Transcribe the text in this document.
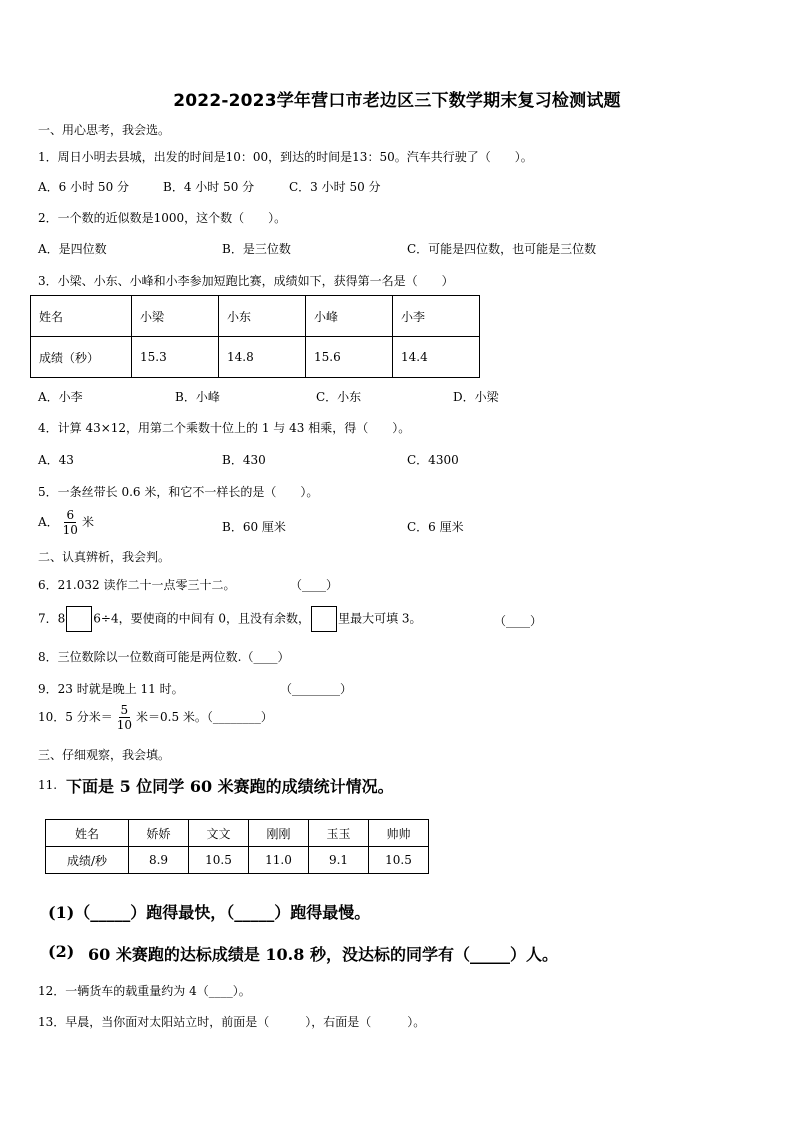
2022-2023学年营口市老边区三下数学期末复习检测试题
一、用心思考，我会选。
1．周日小明去县城，出发的时间是10：00，到达的时间是13：50。汽车共行驶了（　　）。
A．6 小时 50 分	B．4 小时 50 分	C．3 小时 50 分
2．一个数的近似数是1000，这个数（　　）。
A．是四位数	B．是三位数	C．可能是四位数，也可能是三位数
3．小梁、小东、小峰和小李参加短跑比赛，成绩如下，获得第一名是（　　）
姓名	小梁	小东	小峰	小李
成绩（秒）	15.3	14.8	15.6	14.4
A．小李	B．小峰	C．小东	D．小梁
4．计算 43×12，用第二个乘数十位上的 1 与 43 相乘，得（　　）。
A．43	B．430	C．4300
5．一条丝带长 0.6 米，和它不一样长的是（　　）。
A． $\frac{6}{10}$ 米	B．60 厘米	C．6 厘米
二、认真辨析，我会判。
6．21.032 读作二十一点零三十二。	（____）
7．8 6÷4，要使商的中间有 0，且没有余数， 里最大可填 3。	（____）
8．三位数除以一位数商可能是两位数.（____）
9．23 时就是晚上 11 时。	（________）
10．5 分米＝ $\frac{5}{10}$ 米＝0.5 米。（________）
三、仔细观察，我会填。
11. 下面是 5 位同学 60 米赛跑的成绩统计情况。
姓名	娇娇	文文	刚刚	玉玉	帅帅
成绩/秒	8.9	10.5	11.0	9.1	10.5
(1)（_____）跑得最快，（_____）跑得最慢。
(2) 60 米赛跑的达标成绩是 10.8 秒，没达标的同学有（_____）人。
12．一辆货车的载重量约为 4（____）。
13．早晨，当你面对太阳站立时，前面是（　　　），右面是（　　　）。
